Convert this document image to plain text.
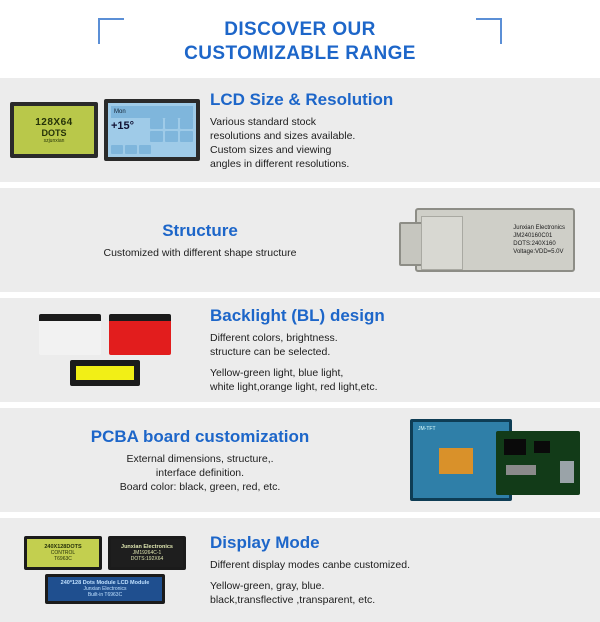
DISCOVER OUR
CUSTOMIZABLE RANGE
128X64
DOTS
szjunxian
Mon
+15°
LCD Size & Resolution
Various standard stock
resolutions and sizes available.
Custom sizes and viewing
angles in different resolutions.
Junxian Electronics
JM240160C01
DOTS:240X160
Voltage:VDD=5.0V
Structure
Customized with different shape structure
Backlight (BL) design
Different colors, brightness.
structure can be selected.
Yellow-green light, blue light,
white light,orange light, red light,etc.
JM-TFT
PCBA board customization
External dimensions, structure,.
interface definition.
Board color: black, green, red, etc.
240X128DOTS
CONTROL
T6963C
Junxian Electronics
JM19264C-1
DOTS:192X64
240*128 Dots Module LCD Module
Junxian Electronics
Built-in T6963C
Display Mode
Different display modes canbe customized.
Yellow-green, gray, blue.
black,transflective ,transparent, etc.
